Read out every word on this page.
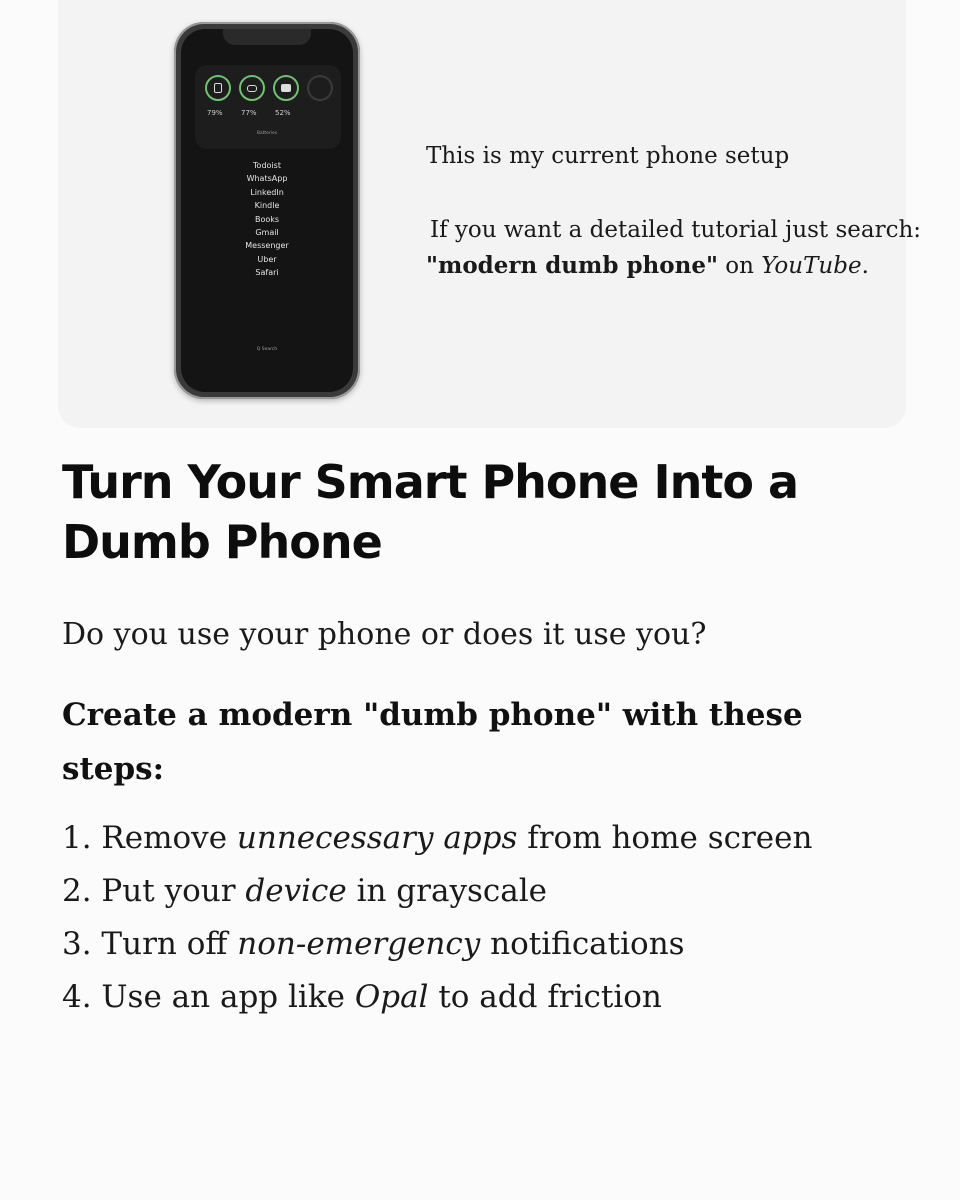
79%	77%	52%
Batteries
Todoist
WhatsApp
LinkedIn
Kindle
Books
Gmail
Messenger
Uber
Safari
Q Search

This is my current phone setup

If you want a detailed tutorial just search:

"modern dumb phone" on YouTube.

Turn Your Smart Phone Into a Dumb Phone

Do you use your phone or does it use you?

Create a modern "dumb phone" with these steps:

1. Remove unnecessary apps from home screen
2. Put your device in grayscale
3. Turn off non-emergency notifications
4. Use an app like Opal to add friction
